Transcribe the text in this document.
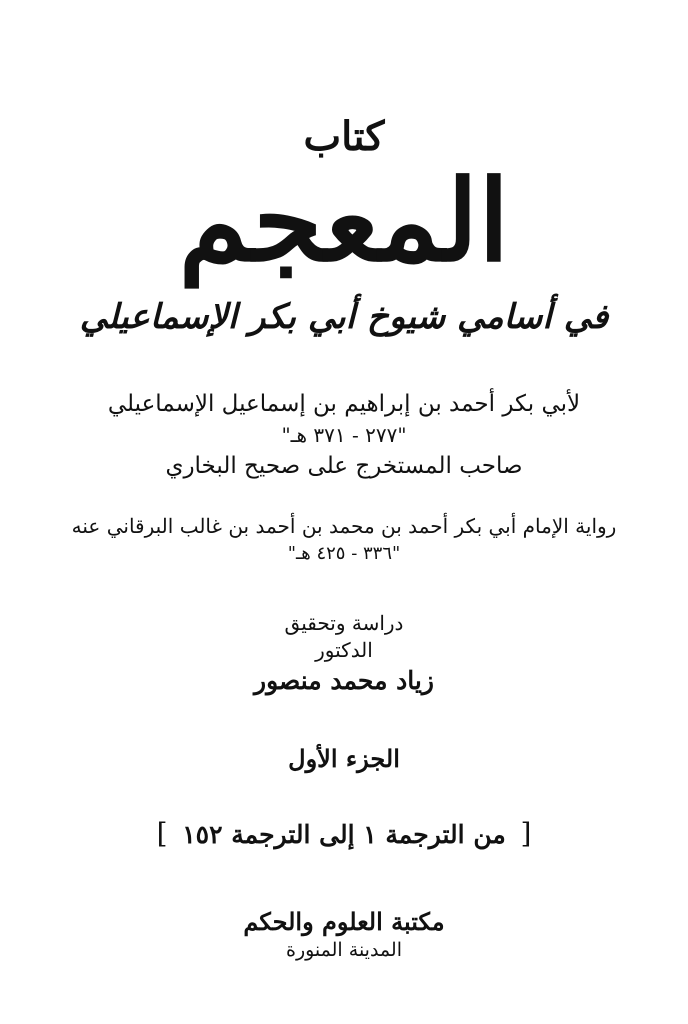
كتاب
المعجم
في أسامي شيوخ أبي بكر الإسماعيلي
لأبي بكر أحمد بن إبراهيم بن إسماعيل الإسماعيلي
"٢٧٧ - ٣٧١ هـ"
صاحب المستخرج على صحيح البخاري
رواية الإمام أبي بكر أحمد بن محمد بن أحمد بن غالب البرقاني عنه
"٣٣٦ - ٤٢٥ هـ"
دراسة وتحقيق
الدكتور
زياد محمد منصور
الجزء الأول
[ من الترجمة ١ إلى الترجمة ١٥٢ ]
مكتبة العلوم والحكم
المدينة المنورة
